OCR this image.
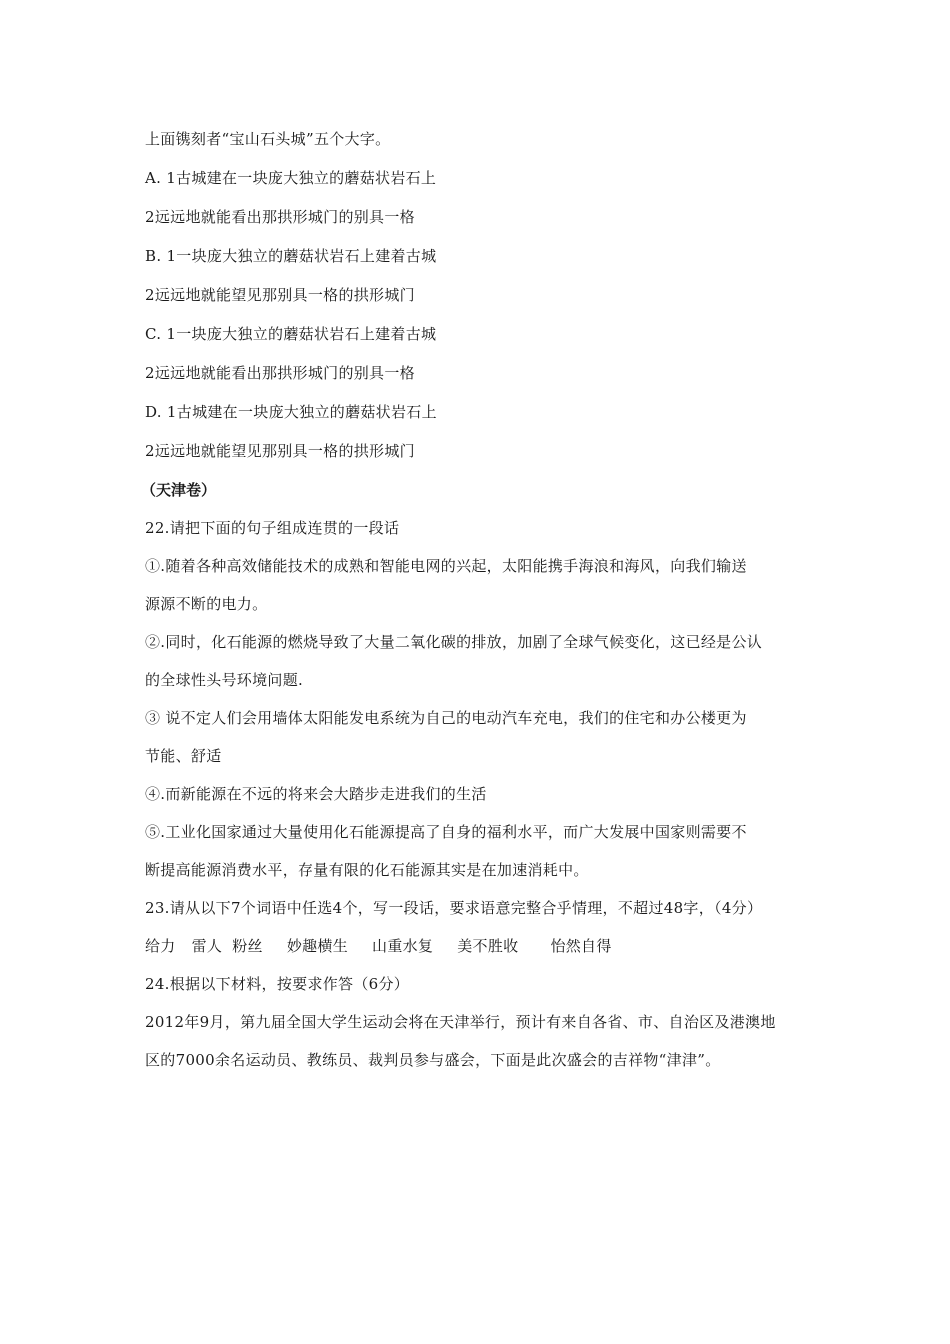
上面镌刻者“宝山石头城”五个大字。
A. 1古城建在一块庞大独立的蘑菇状岩石上
2远远地就能看出那拱形城门的别具一格
B. 1一块庞大独立的蘑菇状岩石上建着古城
2远远地就能望见那别具一格的拱形城门
C. 1一块庞大独立的蘑菇状岩石上建着古城
2远远地就能看出那拱形城门的别具一格
D. 1古城建在一块庞大独立的蘑菇状岩石上
2远远地就能望见那别具一格的拱形城门
（天津卷）
22.请把下面的句子组成连贯的一段话
①.随着各种高效储能技术的成熟和智能电网的兴起，太阳能携手海浪和海风，向我们输送
源源不断的电力。
②.同时，化石能源的燃烧导致了大量二氧化碳的排放，加剧了全球气候变化，这已经是公认
的全球性头号环境问题.
③ 说不定人们会用墙体太阳能发电系统为自己的电动汽车充电，我们的住宅和办公楼更为
节能、舒适
④.而新能源在不远的将来会大踏步走进我们的生活
⑤.工业化国家通过大量使用化石能源提高了自身的福利水平，而广大发展中国家则需要不
断提高能源消费水平，存量有限的化石能源其实是在加速消耗中。
23.请从以下7个词语中任选4个，写一段话，要求语意完整合乎情理，不超过48字，（4分）
给力 雷人 粉丝 妙趣横生 山重水复 美不胜收 怡然自得
24.根据以下材料，按要求作答（6分）
2012年9月，第九届全国大学生运动会将在天津举行，预计有来自各省、市、自治区及港澳地
区的7000余名运动员、教练员、裁判员参与盛会，下面是此次盛会的吉祥物“津津”。
